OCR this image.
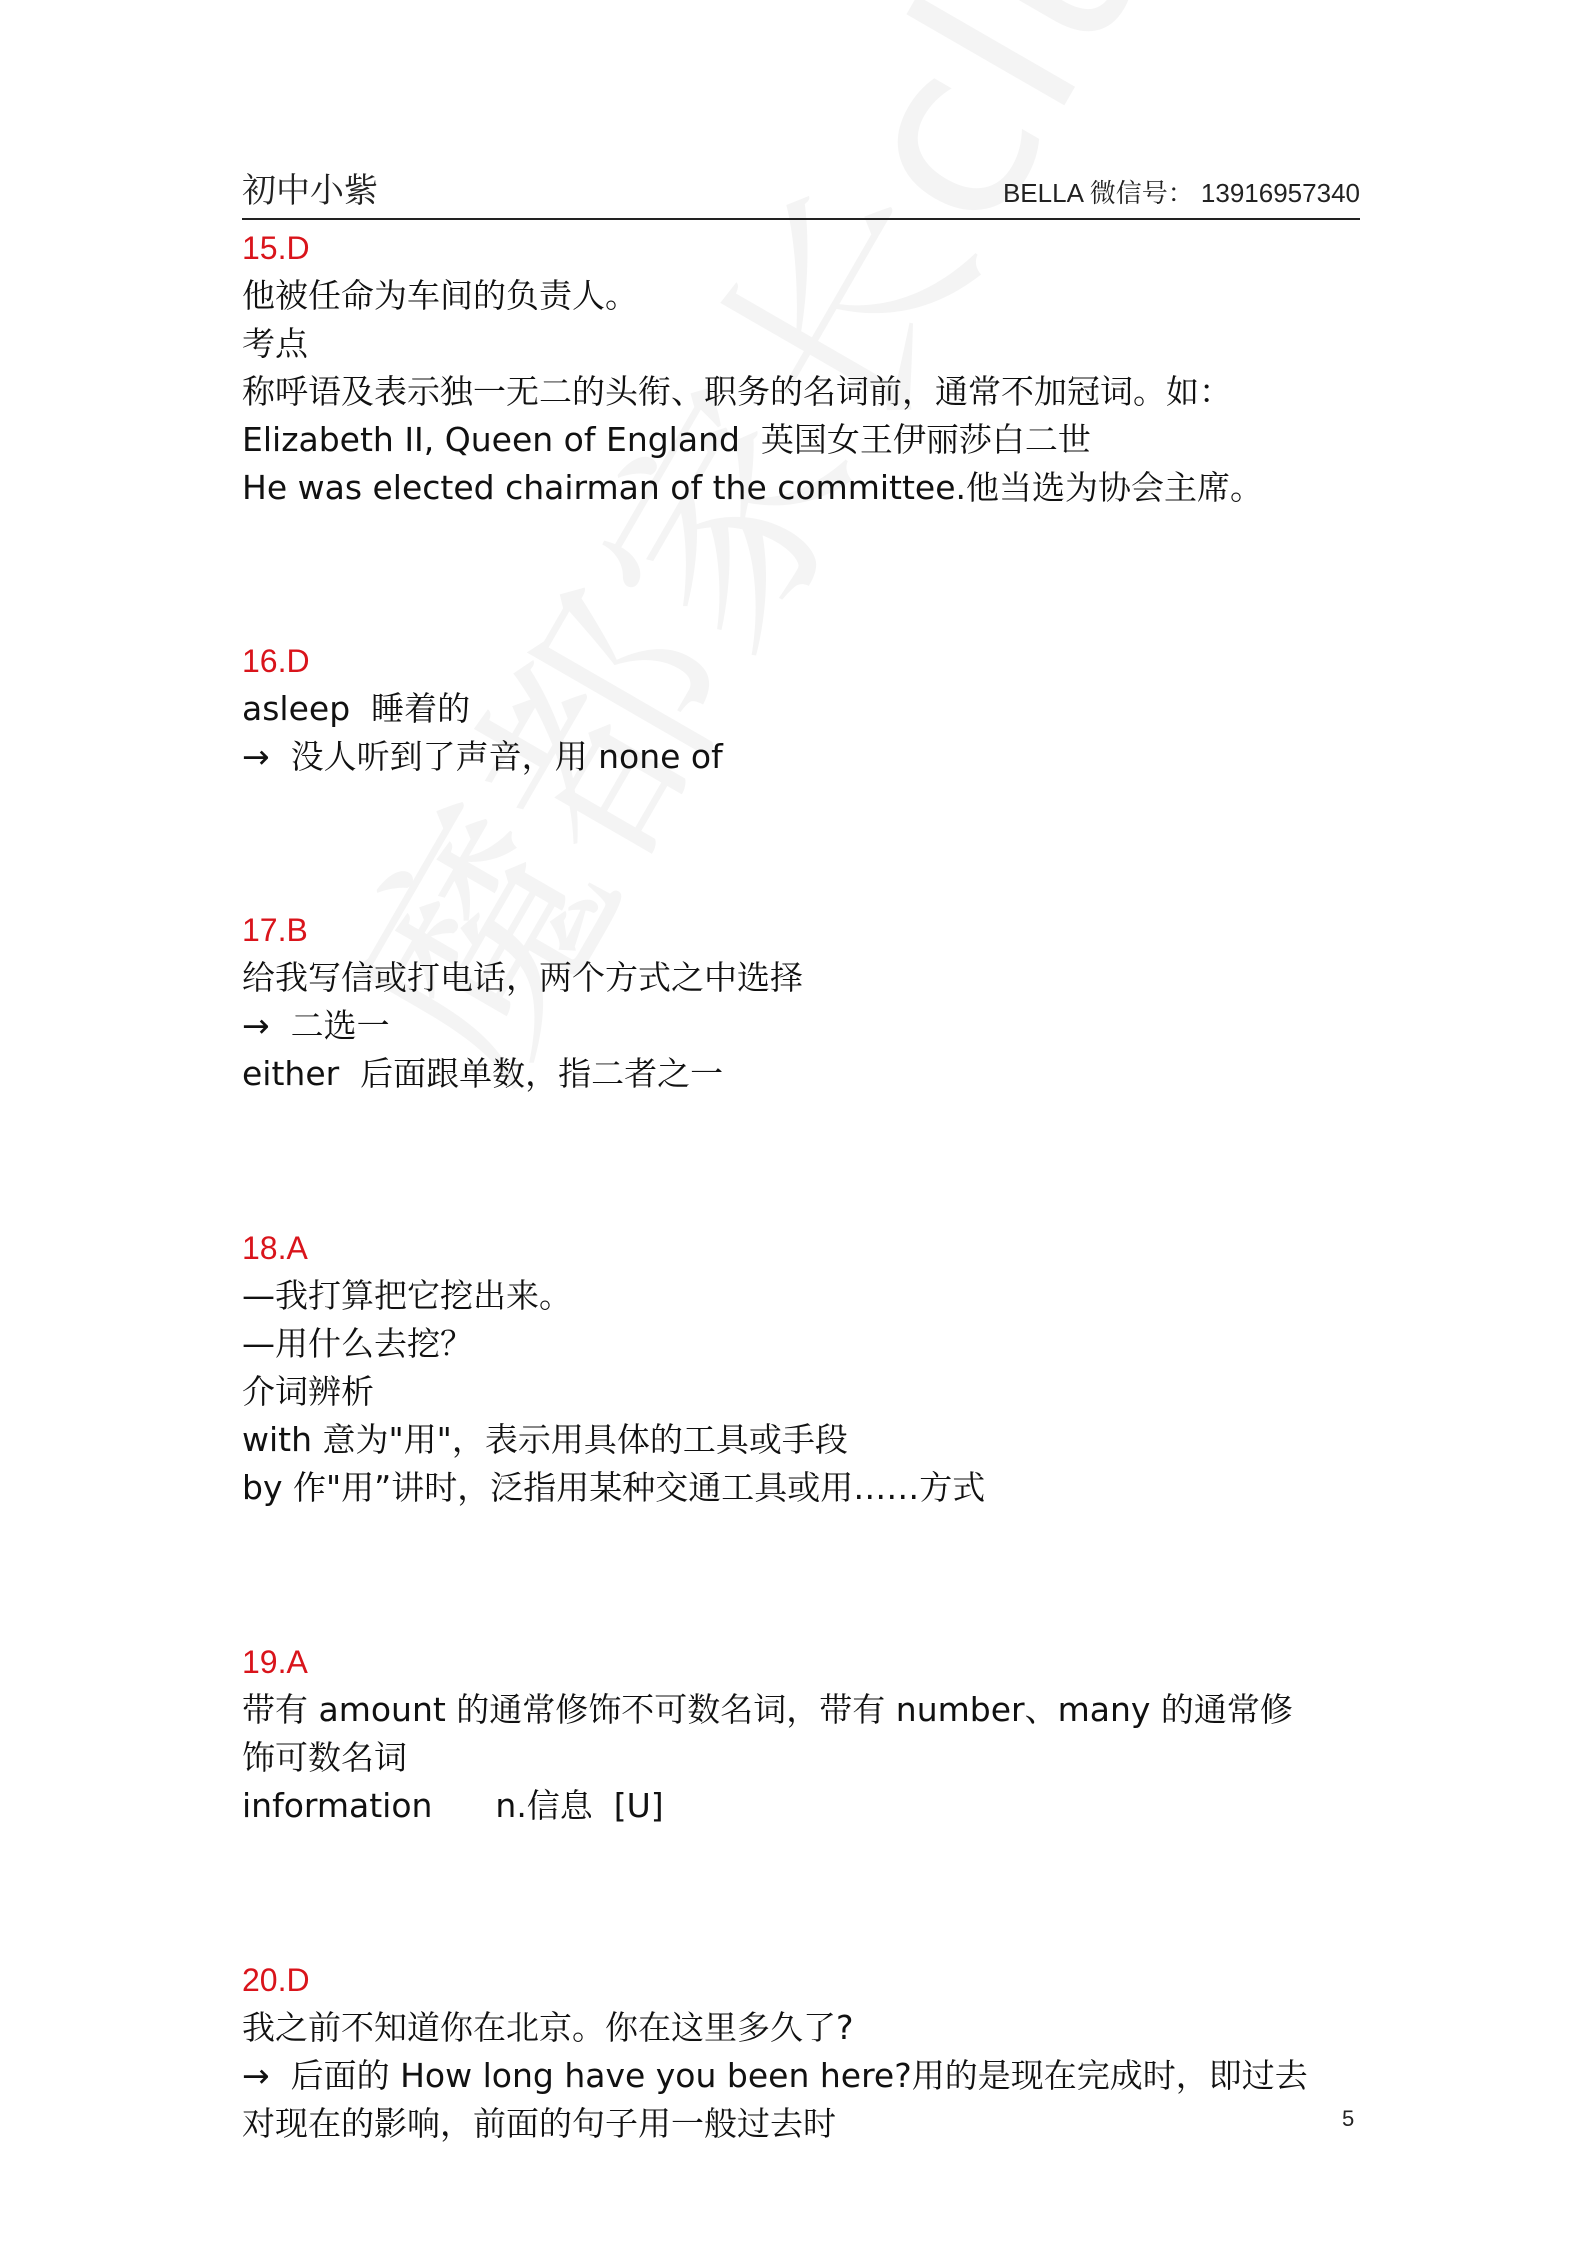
初中小紫	BELLA 微信号： 13916957340
15.D
他被任命为车间的负责人。
考点
称呼语及表示独一无二的头衔、职务的名词前，通常不加冠词。如：
Elizabeth II, Queen of England  英国女王伊丽莎白二世
He was elected chairman of the committee.他当选为协会主席。
16.D
asleep  睡着的
→  没人听到了声音，用 none of
17.B
给我写信或打电话，两个方式之中选择
→  二选一
either  后面跟单数，指二者之一
18.A
—我打算把它挖出来。
—用什么去挖？
介词辨析
with 意为"用"，表示用具体的工具或手段
by 作"用”讲时，泛指用某种交通工具或用……方式
19.A
带有 amount 的通常修饰不可数名词，带有 number、many 的通常修
饰可数名词
information      n.信息  [U]
20.D
我之前不知道你在北京。你在这里多久了?
→  后面的 How long have you been here?用的是现在完成时，即过去
对现在的影响，前面的句子用一般过去时	5
